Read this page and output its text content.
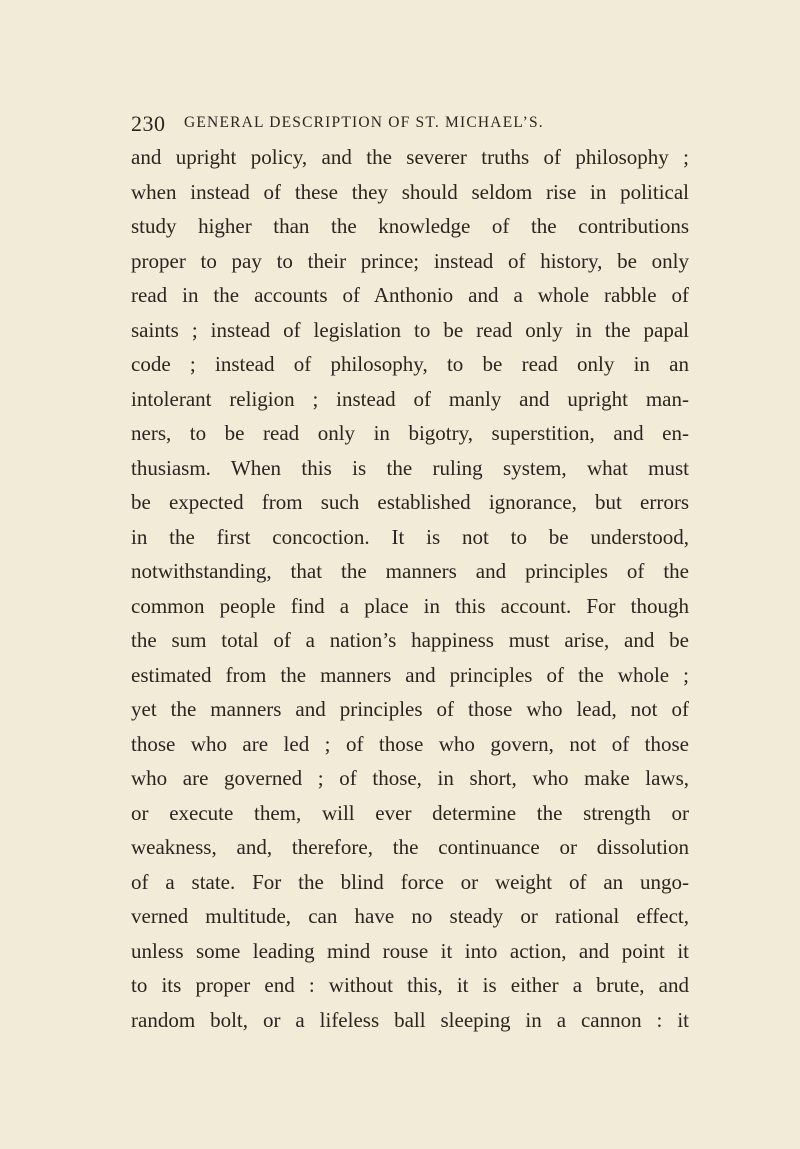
230 GENERAL DESCRIPTION OF ST. MICHAEL’S.
and upright policy, and the severer truths of philosophy ;
when instead of these they should seldom rise in political
study higher than the knowledge of the contributions
proper to pay to their prince; instead of history, be only
read in the accounts of Anthonio and a whole rabble of
saints ; instead of legislation to be read only in the papal
code ; instead of philosophy, to be read only in an
intolerant religion ; instead of manly and upright man-
ners, to be read only in bigotry, superstition, and en-
thusiasm. When this is the ruling system, what must
be expected from such established ignorance, but errors
in the first concoction. It is not to be understood,
notwithstanding, that the manners and principles of the
common people find a place in this account. For though
the sum total of a nation’s happiness must arise, and be
estimated from the manners and principles of the whole ;
yet the manners and principles of those who lead, not of
those who are led ; of those who govern, not of those
who are governed ; of those, in short, who make laws,
or execute them, will ever determine the strength or
weakness, and, therefore, the continuance or dissolution
of a state. For the blind force or weight of an ungo-
verned multitude, can have no steady or rational effect,
unless some leading mind rouse it into action, and point it
to its proper end : without this, it is either a brute, and
random bolt, or a lifeless ball sleeping in a cannon : it
